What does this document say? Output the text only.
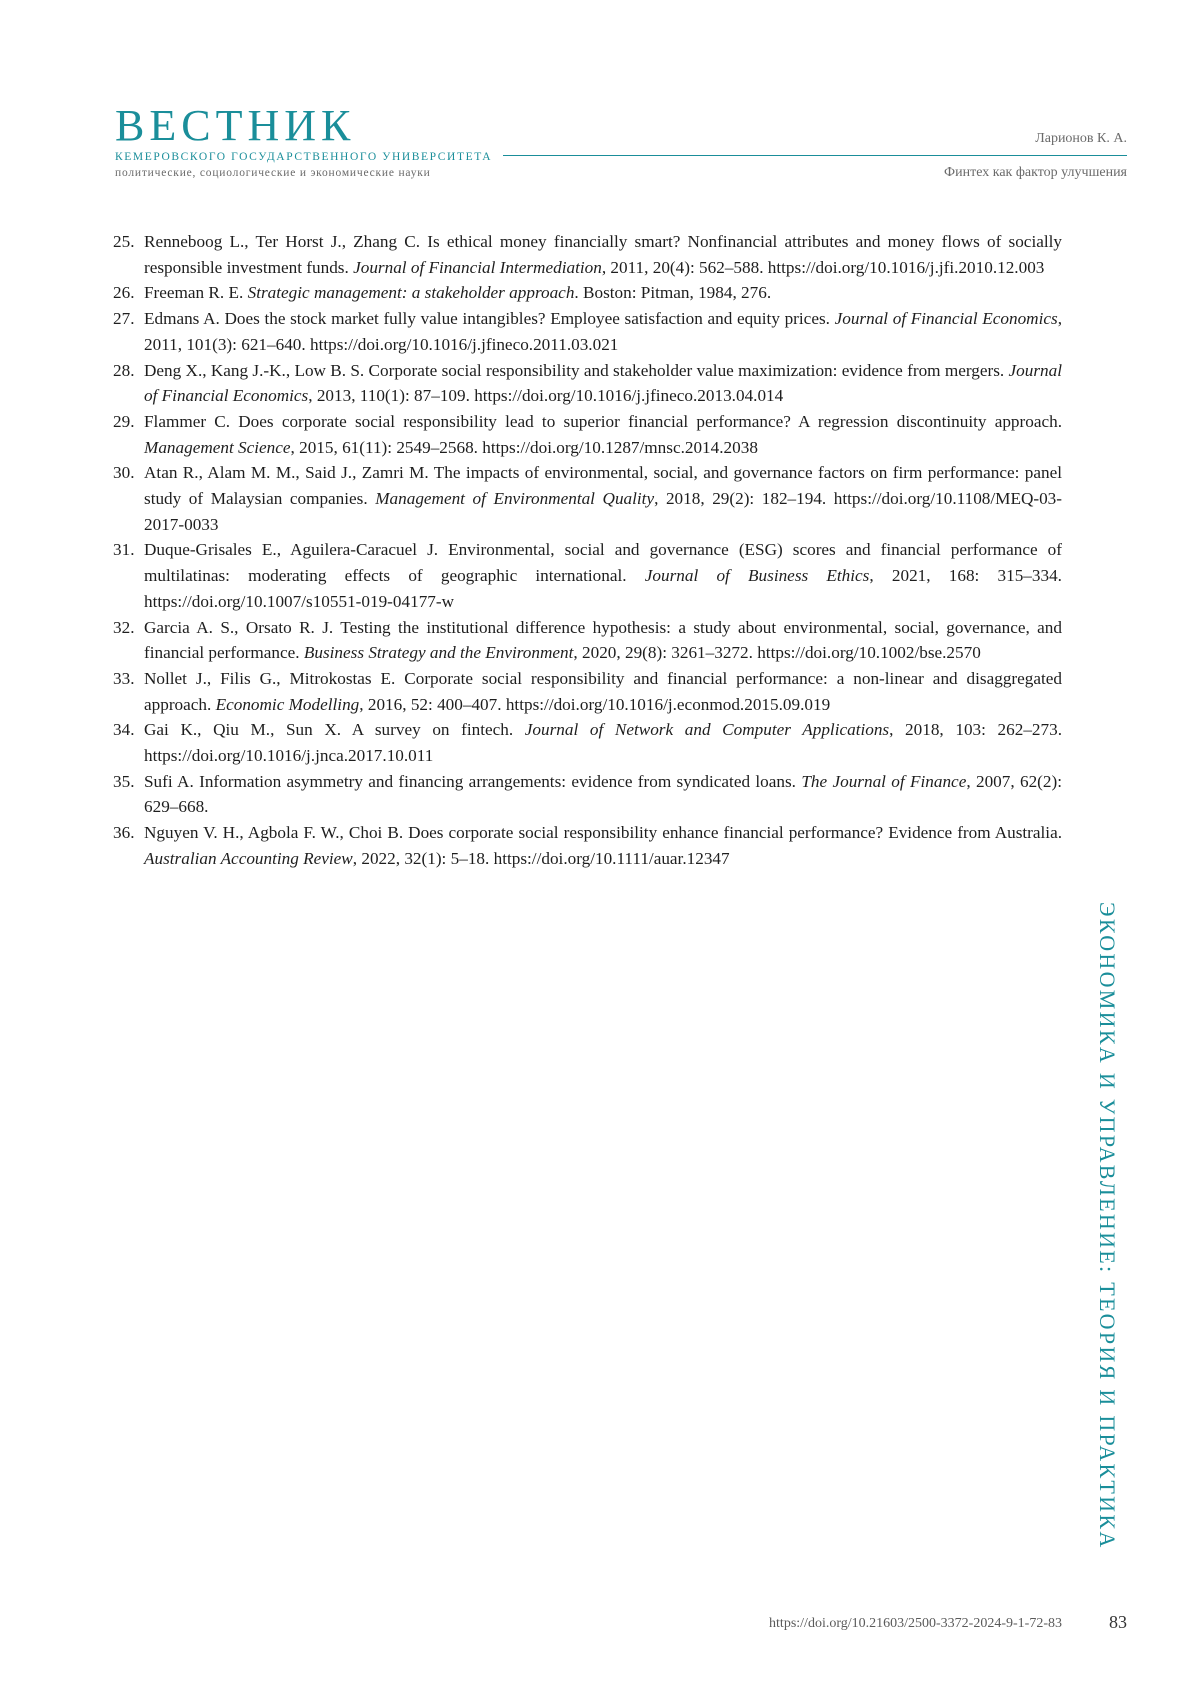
ВЕСТНИК
КЕМЕРОВСКОГО ГОСУДАРСТВЕННОГО УНИВЕРСИТЕТА
политические, социологические и экономические науки
Ларионов К. А.
Финтех как фактор улучшения
25. Renneboog L., Ter Horst J., Zhang C. Is ethical money financially smart? Nonfinancial attributes and money flows of socially responsible investment funds. Journal of Financial Intermediation, 2011, 20(4): 562–588. https://doi.org/10.1016/j.jfi.2010.12.003
26. Freeman R. E. Strategic management: a stakeholder approach. Boston: Pitman, 1984, 276.
27. Edmans A. Does the stock market fully value intangibles? Employee satisfaction and equity prices. Journal of Financial Economics, 2011, 101(3): 621–640. https://doi.org/10.1016/j.jfineco.2011.03.021
28. Deng X., Kang J.-K., Low B. S. Corporate social responsibility and stakeholder value maximization: evidence from mergers. Journal of Financial Economics, 2013, 110(1): 87–109. https://doi.org/10.1016/j.jfineco.2013.04.014
29. Flammer C. Does corporate social responsibility lead to superior financial performance? A regression discontinuity approach. Management Science, 2015, 61(11): 2549–2568. https://doi.org/10.1287/mnsc.2014.2038
30. Atan R., Alam M. M., Said J., Zamri M. The impacts of environmental, social, and governance factors on firm performance: panel study of Malaysian companies. Management of Environmental Quality, 2018, 29(2): 182–194. https://doi.org/10.1108/MEQ-03-2017-0033
31. Duque-Grisales E., Aguilera-Caracuel J. Environmental, social and governance (ESG) scores and financial performance of multilatinas: moderating effects of geographic international. Journal of Business Ethics, 2021, 168: 315–334. https://doi.org/10.1007/s10551-019-04177-w
32. Garcia A. S., Orsato R. J. Testing the institutional difference hypothesis: a study about environmental, social, governance, and financial performance. Business Strategy and the Environment, 2020, 29(8): 3261–3272. https://doi.org/10.1002/bse.2570
33. Nollet J., Filis G., Mitrokostas E. Corporate social responsibility and financial performance: a non-linear and disaggregated approach. Economic Modelling, 2016, 52: 400–407. https://doi.org/10.1016/j.econmod.2015.09.019
34. Gai K., Qiu M., Sun X. A survey on fintech. Journal of Network and Computer Applications, 2018, 103: 262–273. https://doi.org/10.1016/j.jnca.2017.10.011
35. Sufi A. Information asymmetry and financing arrangements: evidence from syndicated loans. The Journal of Finance, 2007, 62(2): 629–668.
36. Nguyen V. H., Agbola F. W., Choi B. Does corporate social responsibility enhance financial performance? Evidence from Australia. Australian Accounting Review, 2022, 32(1): 5–18. https://doi.org/10.1111/auar.12347
ЭКОНОМИКА И УПРАВЛЕНИЕ: ТЕОРИЯ И ПРАКТИКА
https://doi.org/10.21603/2500-3372-2024-9-1-72-83	83
